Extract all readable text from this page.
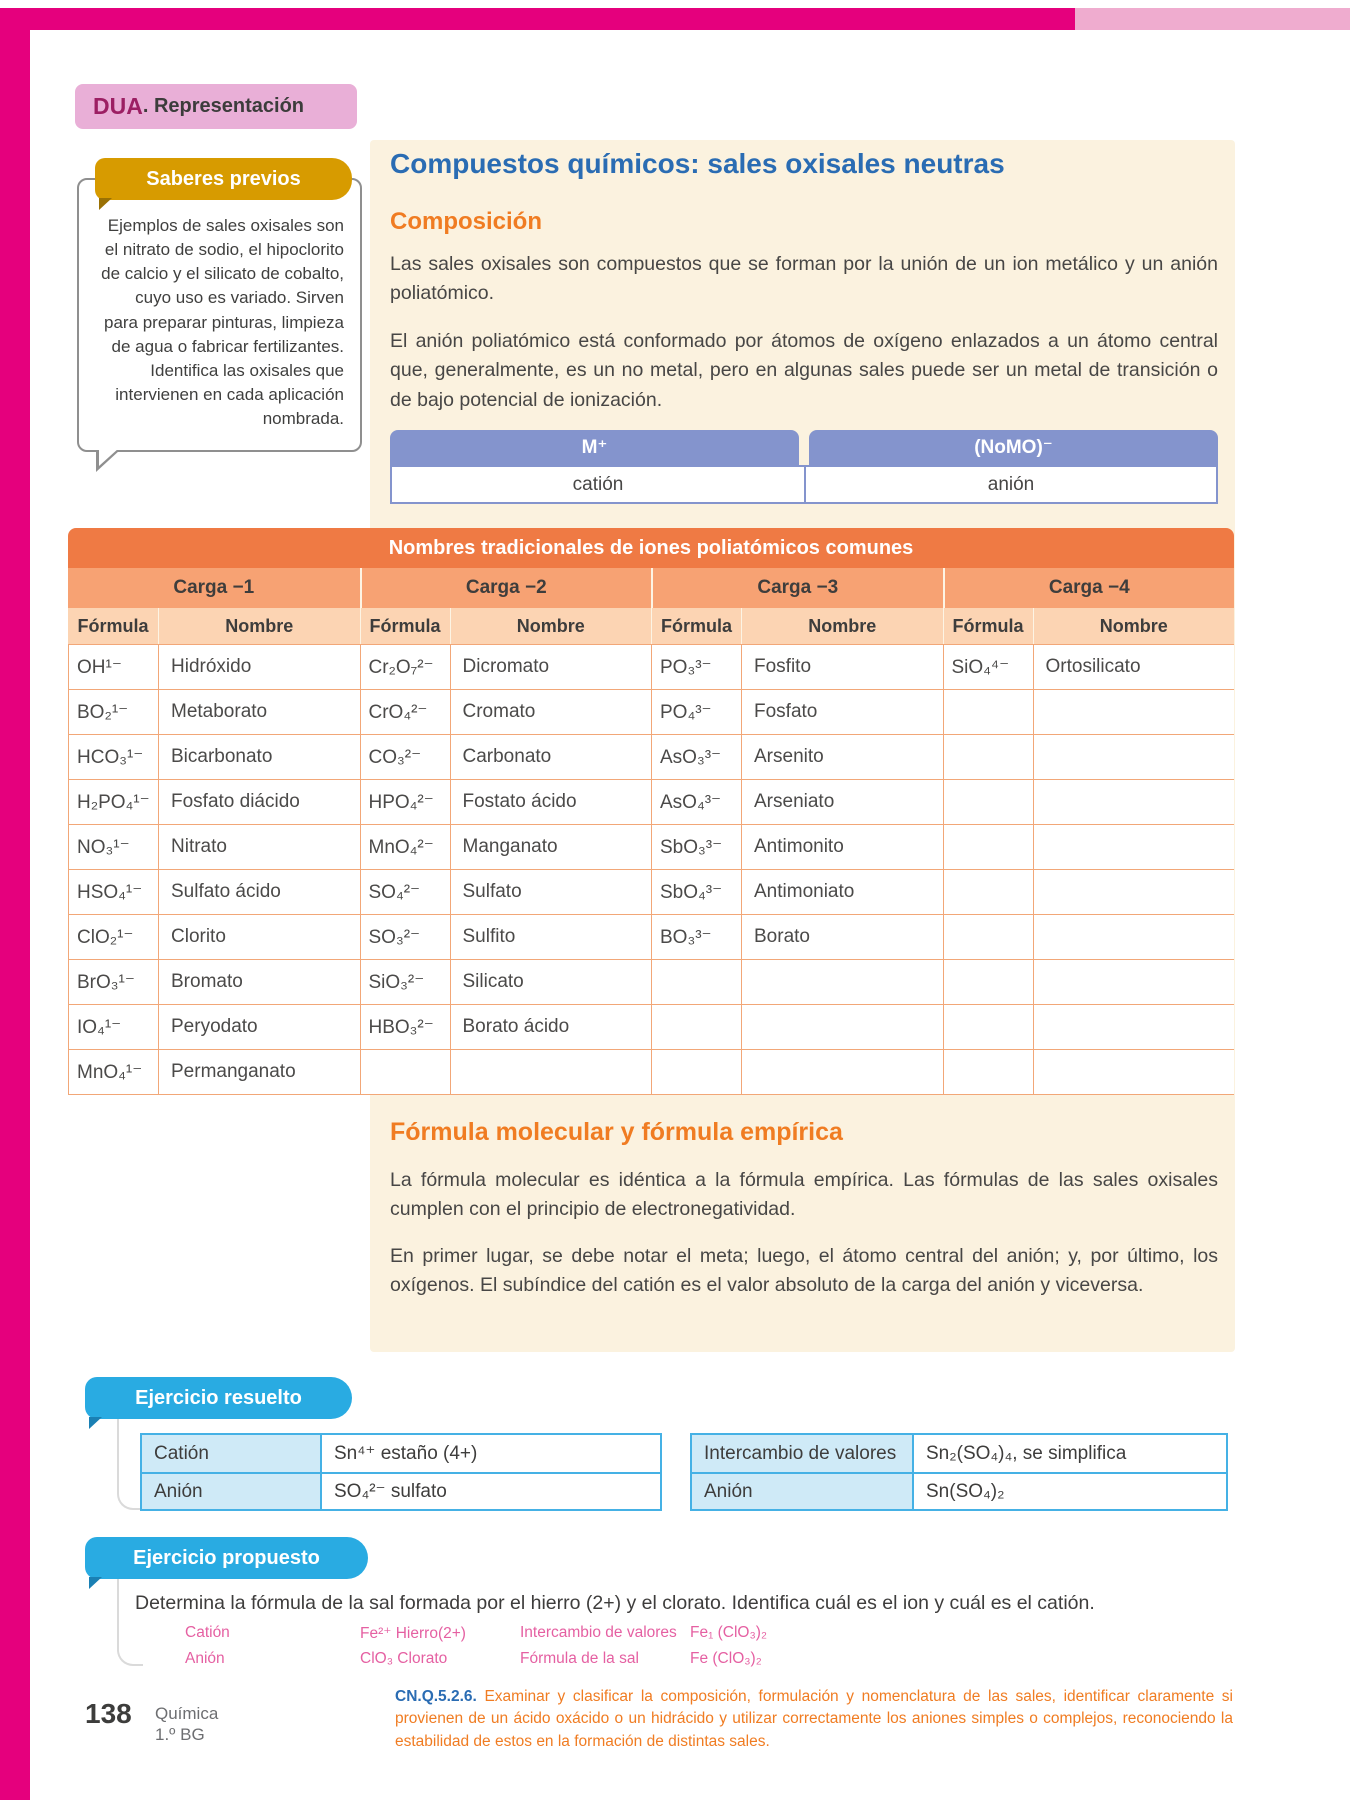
DUA . Representación

Ejemplos de sales oxisales son el nitrato de sodio, el hipoclorito de calcio y el silicato de cobalto, cuyo uso es variado. Sirven para preparar pinturas, limpieza de agua o fabricar fertilizantes. Identifica las oxisales que intervienen en cada aplicación nombrada.

Saberes previos	Compuestos químicos: sales oxisales neutras
Composición

Las sales oxisales son compuestos que se forman por la unión de un ion metálico y un anión poliatómico.

El anión poliatómico está conformado por átomos de oxígeno enlazados a un átomo central que, generalmente, es un no metal, pero en algunas sales puede ser un metal de transición o de bajo potencial de ionización.

M⁺	(NoMO)⁻
catión	anión
Nombres tradicionales de iones poliatómicos comunes
Carga −1	Carga −2	Carga −3	Carga −4
Fórmula	Nombre	Fórmula	Nombre	Fórmula	Nombre	Fórmula	Nombre
OH¹⁻	Hidróxido	Cr₂O₇²⁻	Dicromato	PO₃³⁻	Fosfito	SiO₄⁴⁻	Ortosilicato
BO₂¹⁻	Metaborato	CrO₄²⁻	Cromato	PO₄³⁻	Fosfato
HCO₃¹⁻	Bicarbonato	CO₃²⁻	Carbonato	AsO₃³⁻	Arsenito
H₂PO₄¹⁻	Fosfato diácido	HPO₄²⁻	Fostato ácido	AsO₄³⁻	Arseniato
NO₃¹⁻	Nitrato	MnO₄²⁻	Manganato	SbO₃³⁻	Antimonito
HSO₄¹⁻	Sulfato ácido	SO₄²⁻	Sulfato	SbO₄³⁻	Antimoniato
ClO₂¹⁻	Clorito	SO₃²⁻	Sulfito	BO₃³⁻	Borato
BrO₃¹⁻	Bromato	SiO₃²⁻	Silicato
IO₄¹⁻	Peryodato	HBO₃²⁻	Borato ácido
MnO₄¹⁻	Permanganato
Fórmula molecular y fórmula empírica

La fórmula molecular es idéntica a la fórmula empírica. Las fórmulas de las sales oxisales cumplen con el principio de electronegatividad.

En primer lugar, se debe notar el meta; luego, el átomo central del anión; y, por último, los oxígenos. El subíndice del catión es el valor absoluto de la carga del anión y viceversa.

Ejercicio resuelto
Catión	Sn⁴⁺ estaño (4+)
Anión	SO₄²⁻ sulfato
Intercambio de valores	Sn₂(SO₄)₄, se simplifica
Anión	Sn(SO₄)₂
Ejercicio propuesto

Determina la fórmula de la sal formada por el hierro (2+) y el clorato. Identifica cuál es el ion y cuál es el catión.

Catión	Fe²⁺ Hierro(2+)	Intercambio de valores Fe₁ (ClO₃)₂
Anión	ClO₃ Clorato	Fórmula de la sal	Fe (ClO₃)₂
138 Química
1.º BG

CN.Q.5.2.6. Examinar y clasificar la composición, formulación y nomenclatura de las sales, identificar claramente si provienen de un ácido oxácido o un hidrácido y utilizar correctamente los aniones simples o complejos, reconociendo la estabilidad de estos en la formación de distintas sales.
